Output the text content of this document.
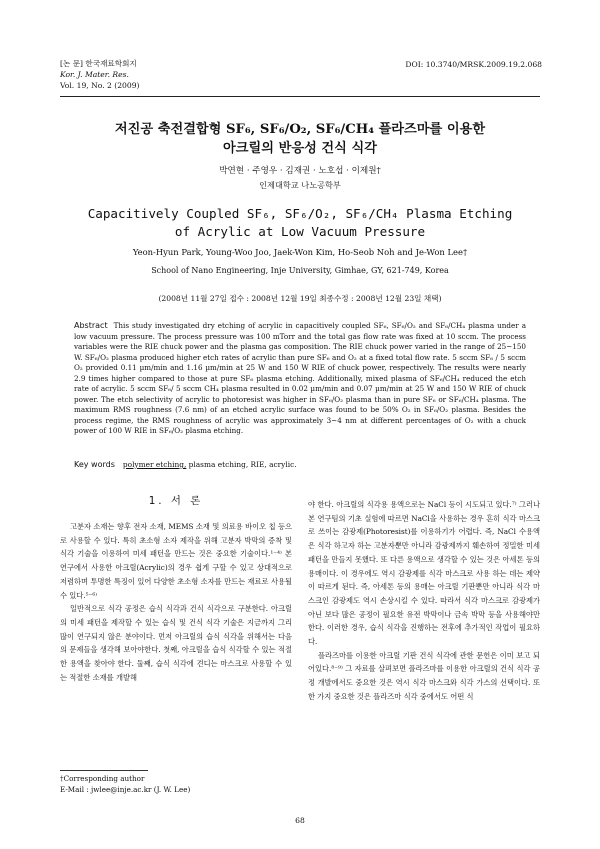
[논 문] 한국재료학회지
Kor. J. Mater. Res.
Vol. 19, No. 2 (2009)
DOI: 10.3740/MRSK.2009.19.2.068
저진공 축전결합형 SF₆, SF₆/O₂, SF₆/CH₄ 플라즈마를 이용한
아크릴의 반응성 건식 식각
박연현 · 주영우 · 김재권 · 노호섭 · 이제원†
인제대학교 나노공학부
Capacitively Coupled SF₆, SF₆/O₂, SF₆/CH₄ Plasma Etching
of Acrylic at Low Vacuum Pressure
Yeon-Hyun Park, Young-Woo Joo, Jaek-Won Kim, Ho-Seob Noh and Je-Won Lee†
School of Nano Engineering, Inje University, Gimhae, GY, 621-749, Korea
(2008년 11월 27일 접수 : 2008년 12월 19일 최종수정 : 2008년 12월 23일 채택)
Abstract This study investigated dry etching of acrylic in capacitively coupled SF₆, SF₆/O₂ and SF₆/CH₄ plasma under a low vacuum pressure. The process pressure was 100 mTorr and the total gas flow rate was fixed at 10 sccm. The process variables were the RIE chuck power and the plasma gas composition. The RIE chuck power varied in the range of 25~150 W. SF₆/O₂ plasma produced higher etch rates of acrylic than pure SF₆ and O₂ at a fixed total flow rate. 5 sccm SF₆ / 5 sccm O₂ provided 0.11 µm/min and 1.16 µm/min at 25 W and 150 W RIE of chuck power, respectively. The results were nearly 2.9 times higher compared to those at pure SF₆ plasma etching. Additionally, mixed plasma of SF₆/CH₄ reduced the etch rate of acrylic. 5 sccm SF₆/ 5 sccm CH₄ plasma resulted in 0.02 µm/min and 0.07 µm/min at 25 W and 150 W RIE of chuck power. The etch selectivity of acrylic to photoresist was higher in SF₆/O₂ plasma than in pure SF₆ or SF₆/CH₄ plasma. The maximum RMS roughness (7.6 nm) of an etched acrylic surface was found to be 50% O₂ in SF₆/O₂ plasma. Besides the process regime, the RMS roughness of acrylic was approximately 3~4 nm at different percentages of O₂ with a chuck power of 100 W RIE in SF₆/O₂ plasma etching.
Key words polymer etching, plasma etching, RIE, acrylic.
1. 서 론

고분자 소재는 향후 전자 소재, MEMS 소재 및 의료용 바이오 칩 등으로 사용할 수 있다. 특히 초소형 소자 제작을 위해 고분자 박막의 증착 및 식각 기술을 이용하여 미세 패턴을 만드는 것은 중요한 기술이다.¹⁻⁴⁾ 본 연구에서 사용한 아크릴(Acrylic)의 경우 쉽게 구할 수 있고 상대적으로 저렴하며 투명한 특징이 있어 다양한 초소형 소자를 만드는 재료로 사용될 수 있다.⁵⁻⁶⁾

일반적으로 식각 공정은 습식 식각과 건식 식각으로 구분한다. 아크릴의 미세 패턴을 제작할 수 있는 습식 및 건식 식각 기술은 지금까지 그리 많이 연구되지 않은 분야이다. 먼저 아크릴의 습식 식각을 위해서는 다음의 문제들을 생각해 보아야한다. 첫째, 아크릴을 습식 식각할 수 있는 적절한 용액을 찾아야 한다. 둘째, 습식 식각에 견디는 마스크로 사용할 수 있는 적절한 소재를 개발해

야 한다. 아크릴의 식각용 용액으로는 NaCl 등이 시도되고 있다.⁷⁾ 그러나 본 연구팀의 기초 실험에 따르면 NaCl을 사용하는 경우 흔히 식각 마스크로 쓰이는 감광제(Photoresist)를 이용하기가 어렵다. 즉, NaCl 수용액은 식각 하고자 하는 고분자뿐만 아니라 감광제까지 훼손하여 정밀한 미세 패턴을 만들지 못했다. 또 다른 용액으로 생각할 수 있는 것은 아세톤 등의 용매이다. 이 경우에도 역시 감광제를 식각 마스크로 사용 하는 데는 제약이 따르게 된다. 즉, 아세톤 등의 용매는 아크릴 기판뿐만 아니라 식각 마스크인 감광제도 역시 손상시킬 수 있다. 따라서 식각 마스크로 감광제가 아닌 보다 많은 공정이 필요한 유전 박막이나 금속 박막 등을 사용해야만 한다. 이러한 경우, 습식 식각을 진행하는 전후에 추가적인 작업이 필요하다.

플라즈마를 이용한 아크릴 기판 건식 식각에 관한 문헌은 이미 보고 되어있다.⁸⁻⁹⁾ 그 자료를 살펴보면 플라즈마를 이용한 아크릴의 건식 식각 공정 개발에서도 중요한 것은 역시 식각 마스크와 식각 가스의 선택이다. 또 한 가지 중요한 것은 플라즈마 식각 중에서도 어떤 식

†Corresponding author
E-Mail : jwlee@inje.ac.kr (J. W. Lee)
68
